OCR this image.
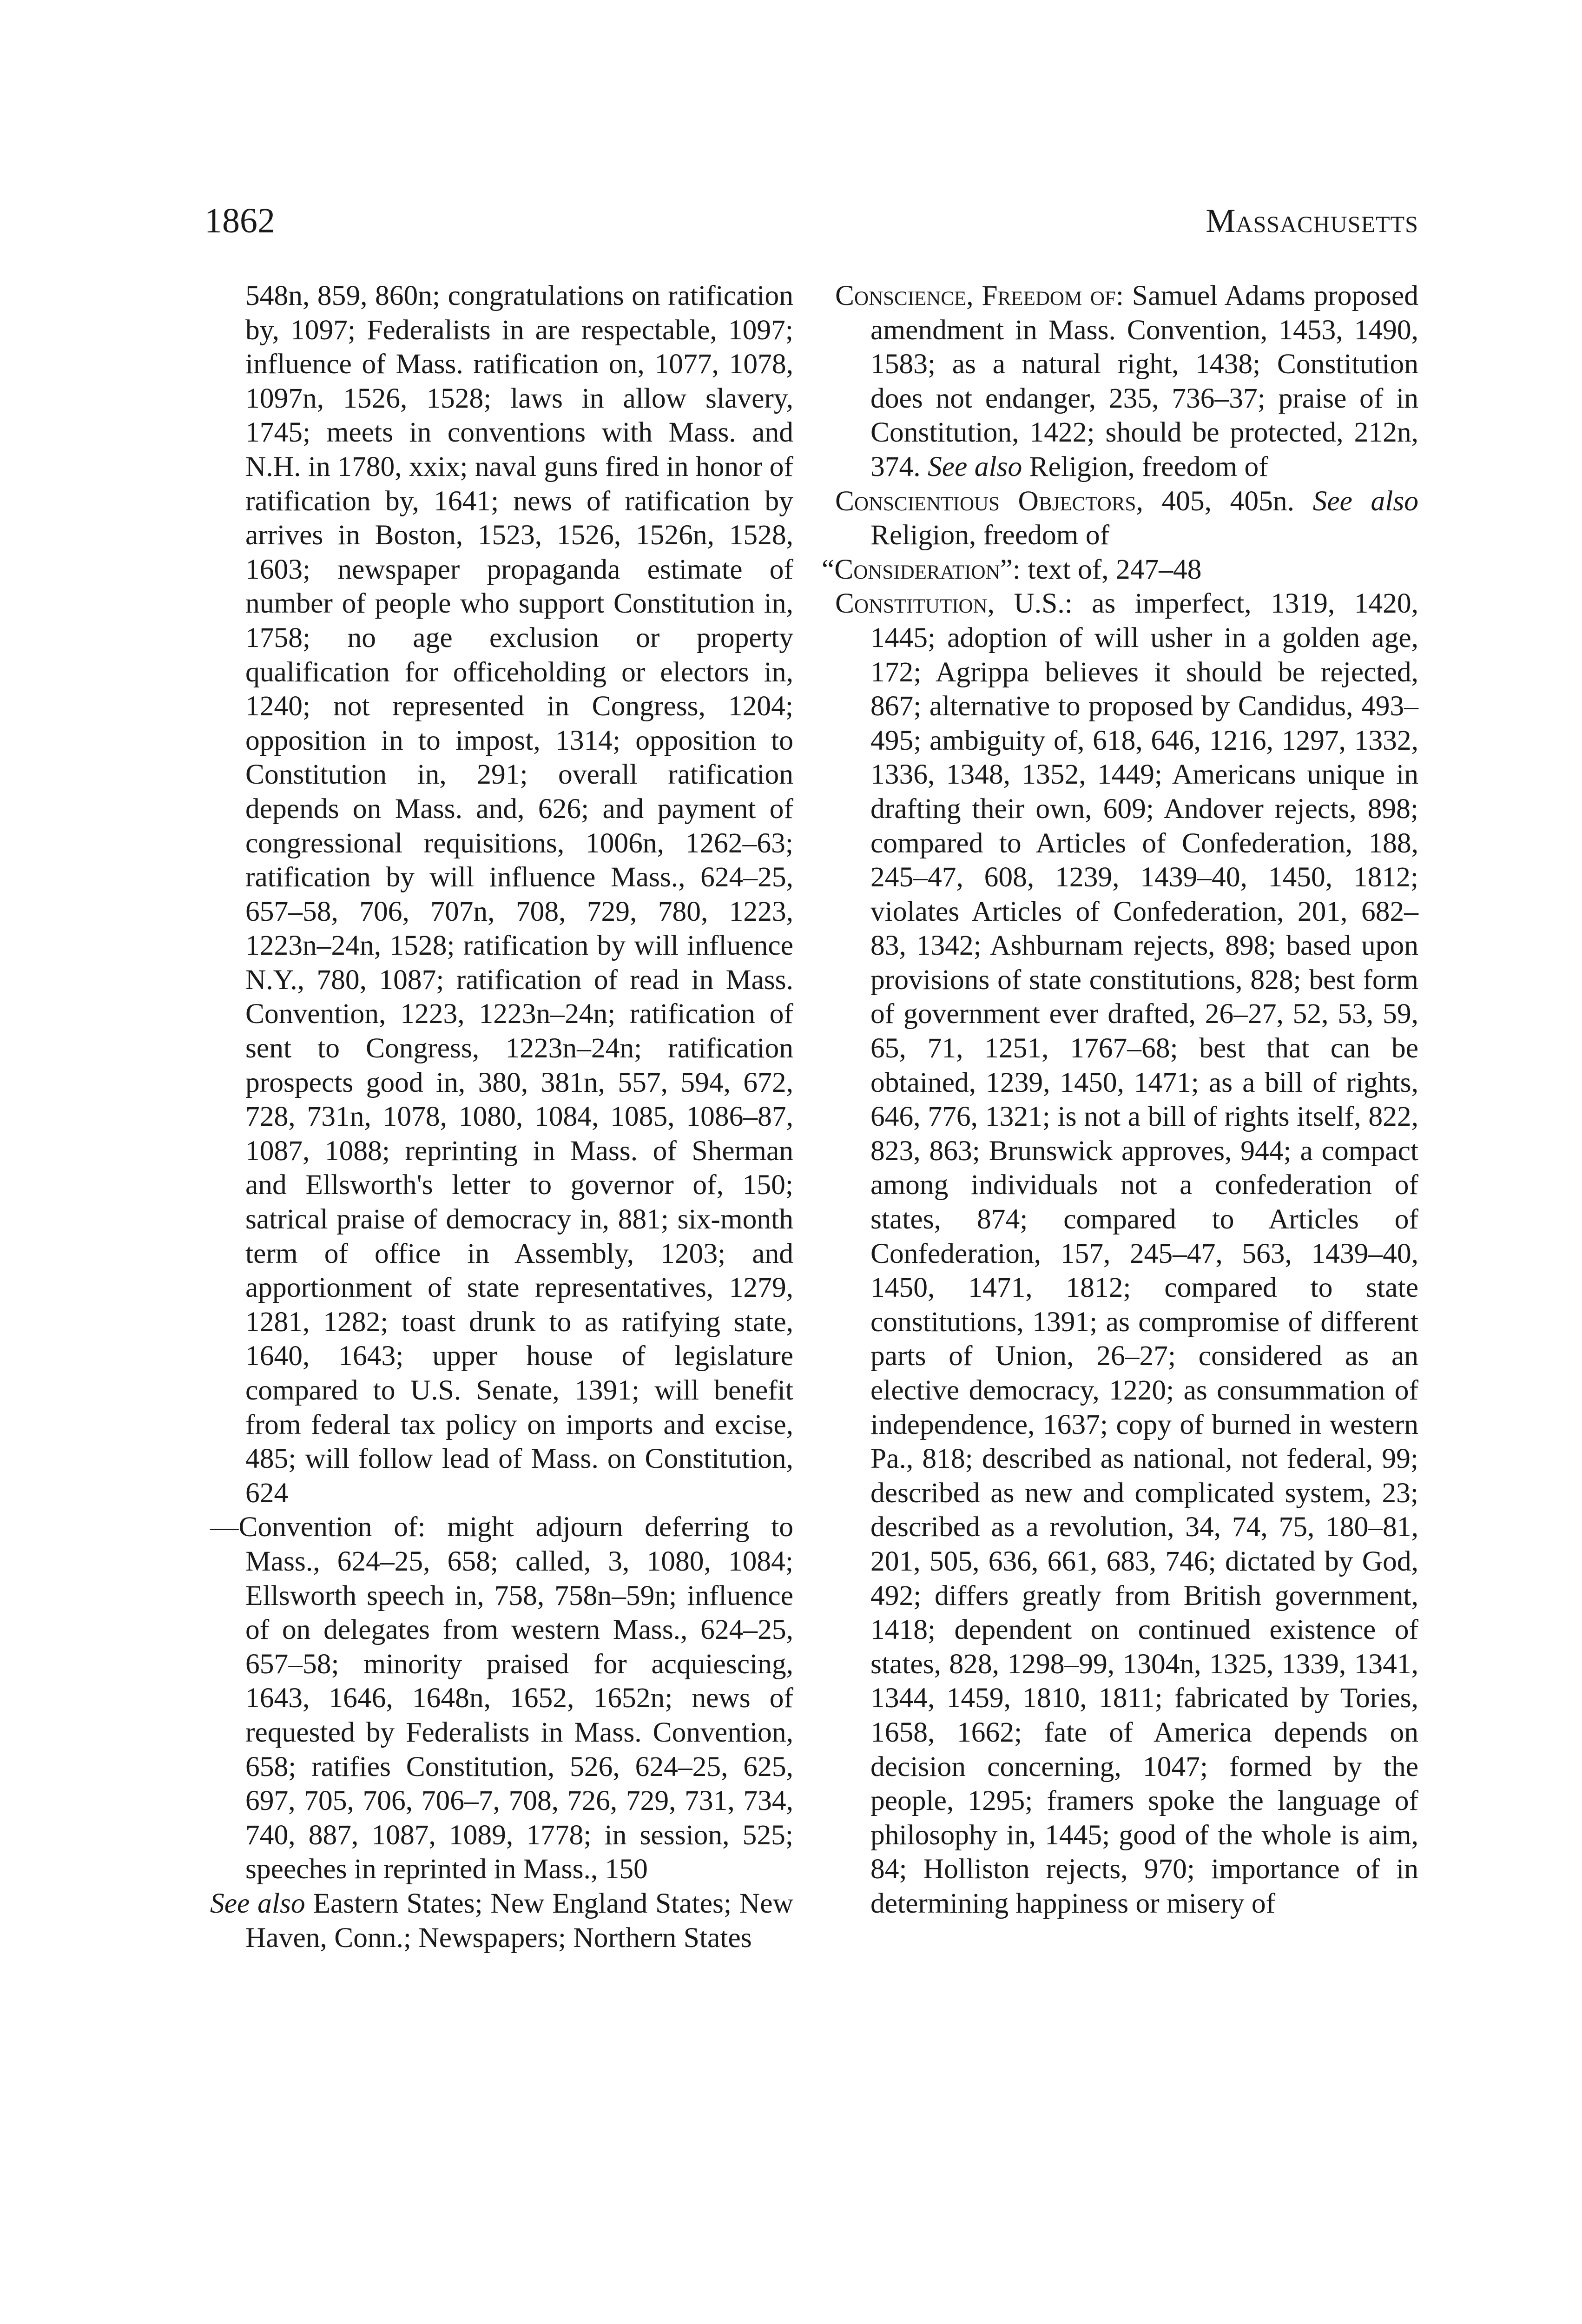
1862	Massachusetts

548n, 859, 860n; congratulations on ratification by, 1097; Federalists in are respectable, 1097; influence of Mass. ratification on, 1077, 1078, 1097n, 1526, 1528; laws in allow slavery, 1745; meets in conventions with Mass. and N.H. in 1780, xxix; naval guns fired in honor of ratification by, 1641; news of ratification by arrives in Boston, 1523, 1526, 1526n, 1528, 1603; newspaper propaganda estimate of number of people who support Constitution in, 1758; no age exclusion or property qualification for officeholding or electors in, 1240; not represented in Congress, 1204; opposition in to impost, 1314; opposition to Constitution in, 291; overall ratification depends on Mass. and, 626; and payment of congressional requisitions, 1006n, 1262–63; ratification by will influence Mass., 624–25, 657–58, 706, 707n, 708, 729, 780, 1223, 1223n–24n, 1528; ratification by will influence N.Y., 780, 1087; ratification of read in Mass. Convention, 1223, 1223n–24n; ratification of sent to Congress, 1223n–24n; ratification prospects good in, 380, 381n, 557, 594, 672, 728, 731n, 1078, 1080, 1084, 1085, 1086–87, 1087, 1088; reprinting in Mass. of Sherman and Ellsworth's letter to governor of, 150; satrical praise of democracy in, 881; six-month term of office in Assembly, 1203; and apportionment of state representatives, 1279, 1281, 1282; toast drunk to as ratifying state, 1640, 1643; upper house of legislature compared to U.S. Senate, 1391; will benefit from federal tax policy on imports and excise, 485; will follow lead of Mass. on Constitution, 624

—Convention of: might adjourn deferring to Mass., 624–25, 658; called, 3, 1080, 1084; Ellsworth speech in, 758, 758n–59n; influence of on delegates from western Mass., 624–25, 657–58; minority praised for acquiescing, 1643, 1646, 1648n, 1652, 1652n; news of requested by Federalists in Mass. Convention, 658; ratifies Constitution, 526, 624–25, 625, 697, 705, 706, 706–7, 708, 726, 729, 731, 734, 740, 887, 1087, 1089, 1778; in session, 525; speeches in reprinted in Mass., 150

See also Eastern States; New England States; New Haven, Conn.; Newspapers; Northern States

Conscience, Freedom of: Samuel Adams proposed amendment in Mass. Convention, 1453, 1490, 1583; as a natural right, 1438; Constitution does not endanger, 235, 736–37; praise of in Constitution, 1422; should be protected, 212n, 374. See also Religion, freedom of

Conscientious Objectors, 405, 405n. See also Religion, freedom of

“Consideration”: text of, 247–48

Constitution, U.S.: as imperfect, 1319, 1420, 1445; adoption of will usher in a golden age, 172; Agrippa believes it should be rejected, 867; alternative to proposed by Candidus, 493–495; ambiguity of, 618, 646, 1216, 1297, 1332, 1336, 1348, 1352, 1449; Americans unique in drafting their own, 609; Andover rejects, 898; compared to Articles of Confederation, 188, 245–47, 608, 1239, 1439–40, 1450, 1812; violates Articles of Confederation, 201, 682–83, 1342; Ashburnam rejects, 898; based upon provisions of state constitutions, 828; best form of government ever drafted, 26–27, 52, 53, 59, 65, 71, 1251, 1767–68; best that can be obtained, 1239, 1450, 1471; as a bill of rights, 646, 776, 1321; is not a bill of rights itself, 822, 823, 863; Brunswick approves, 944; a compact among individuals not a confederation of states, 874; compared to Articles of Confederation, 157, 245–47, 563, 1439–40, 1450, 1471, 1812; compared to state constitutions, 1391; as compromise of different parts of Union, 26–27; considered as an elective democracy, 1220; as consummation of independence, 1637; copy of burned in western Pa., 818; described as national, not federal, 99; described as new and complicated system, 23; described as a revolution, 34, 74, 75, 180–81, 201, 505, 636, 661, 683, 746; dictated by God, 492; differs greatly from British government, 1418; dependent on continued existence of states, 828, 1298–99, 1304n, 1325, 1339, 1341, 1344, 1459, 1810, 1811; fabricated by Tories, 1658, 1662; fate of America depends on decision concerning, 1047; formed by the people, 1295; framers spoke the language of philosophy in, 1445; good of the whole is aim, 84; Holliston rejects, 970; importance of in determining happiness or misery of
